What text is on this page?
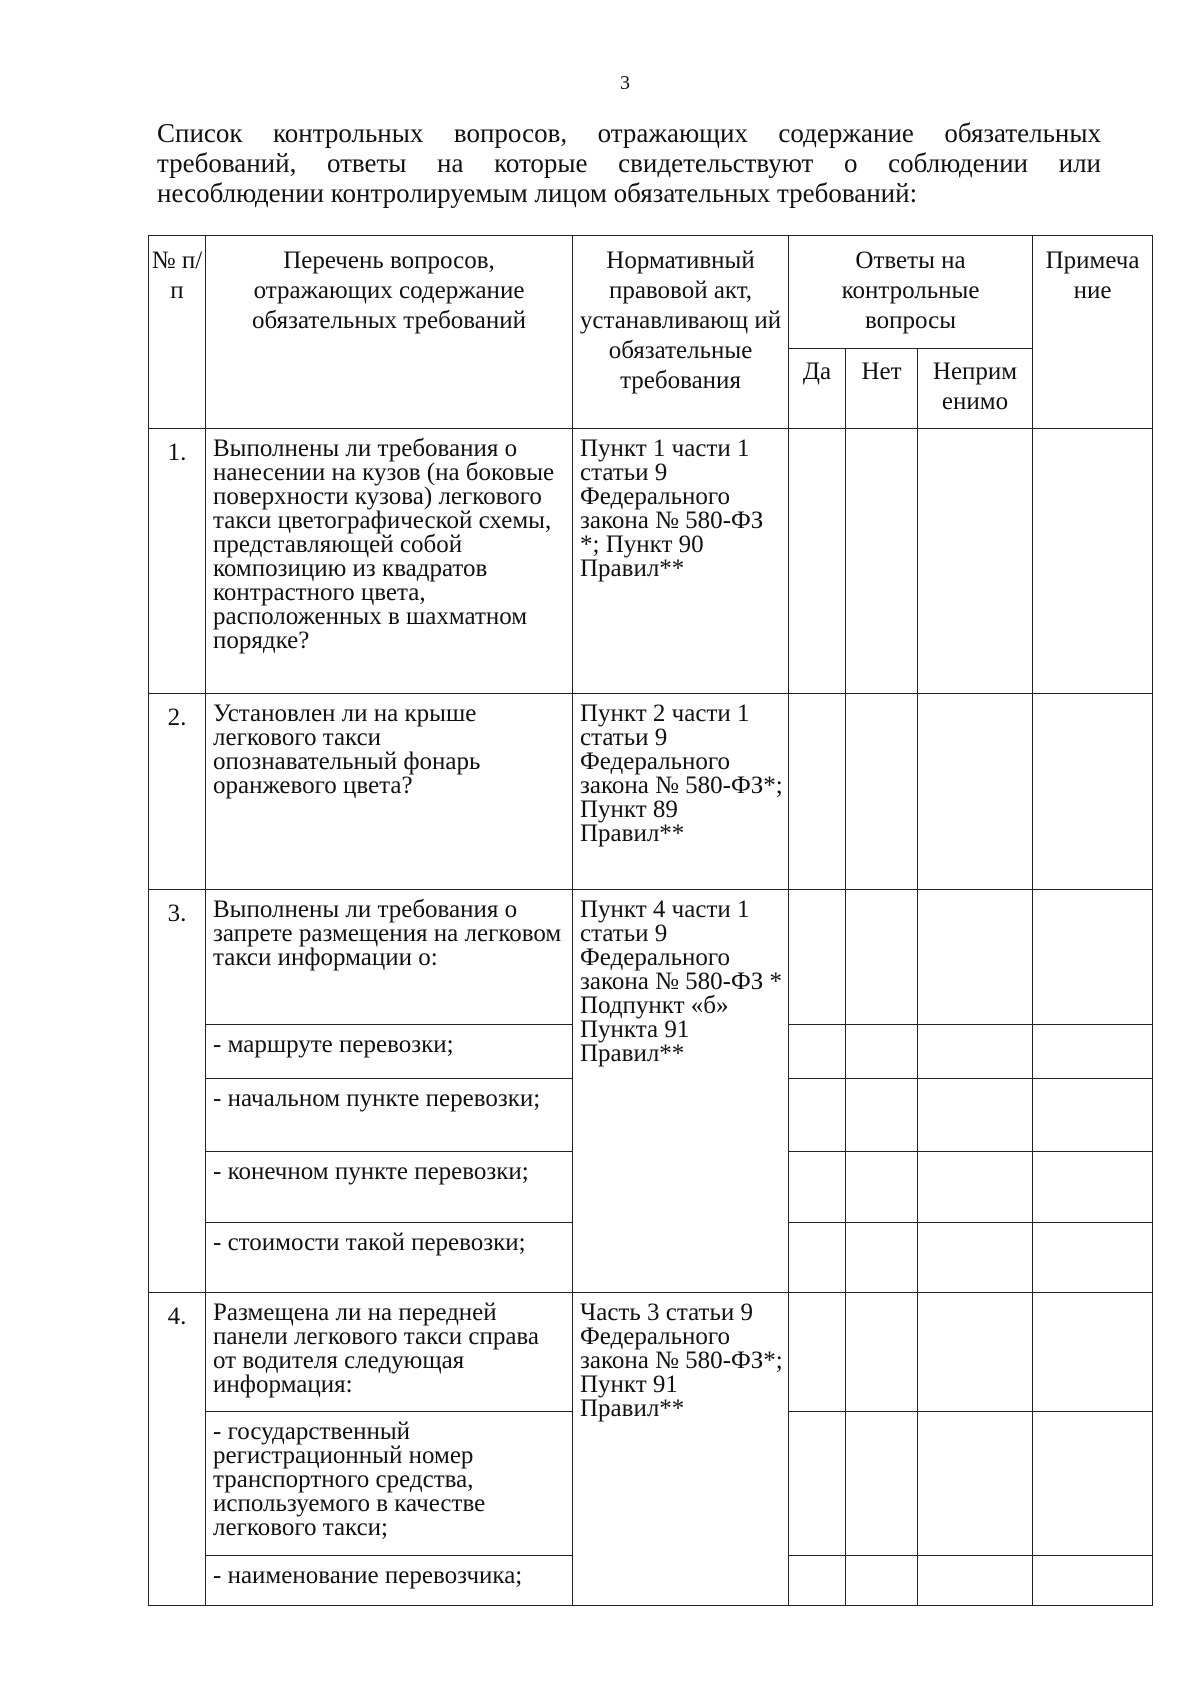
3
Список контрольных вопросов, отражающих содержание обязательных требований, ответы на которые свидетельствуют о соблюдении или несоблюдении контролируемым лицом обязательных требований:
№ п/п	Перечень вопросов, отражающих содержание обязательных требований	Нормативный правовой акт, устанавливающ ий обязательные требования	Ответы на контрольные вопросы			Примеча ние
			Да	Нет	Неприм енимо	
1.	Выполнены ли требования о нанесении на кузов (на боковые поверхности кузова) легкового такси цветографической схемы, представляющей собой композицию из квадратов контрастного цвета, расположенных в шахматном порядке?	Пункт 1 части 1 статьи 9 Федерального закона № 580-ФЗ *; Пункт 90 Правил**				
2.	Установлен ли на крыше легкового такси опознавательный фонарь оранжевого цвета?	Пункт 2 части 1 статьи 9 Федерального закона № 580-ФЗ*; Пункт 89 Правил**				
3.	Выполнены ли требования о запрете размещения на легковом такси информации о:	Пункт 4 части 1 статьи 9 Федерального закона № 580-ФЗ * Подпункт «б» Пункта 91 Правил**				
	- маршруте перевозки;					
	- начальном пункте перевозки;					
	- конечном пункте перевозки;					
	- стоимости такой перевозки;					
4.	Размещена ли на передней панели легкового такси справа от водителя следующая информация:	Часть 3 статьи 9 Федерального закона № 580-ФЗ*; Пункт 91 Правил**				
	- государственный регистрационный номер транспортного средства, используемого в качестве легкового такси;					
	- наименование перевозчика;					
